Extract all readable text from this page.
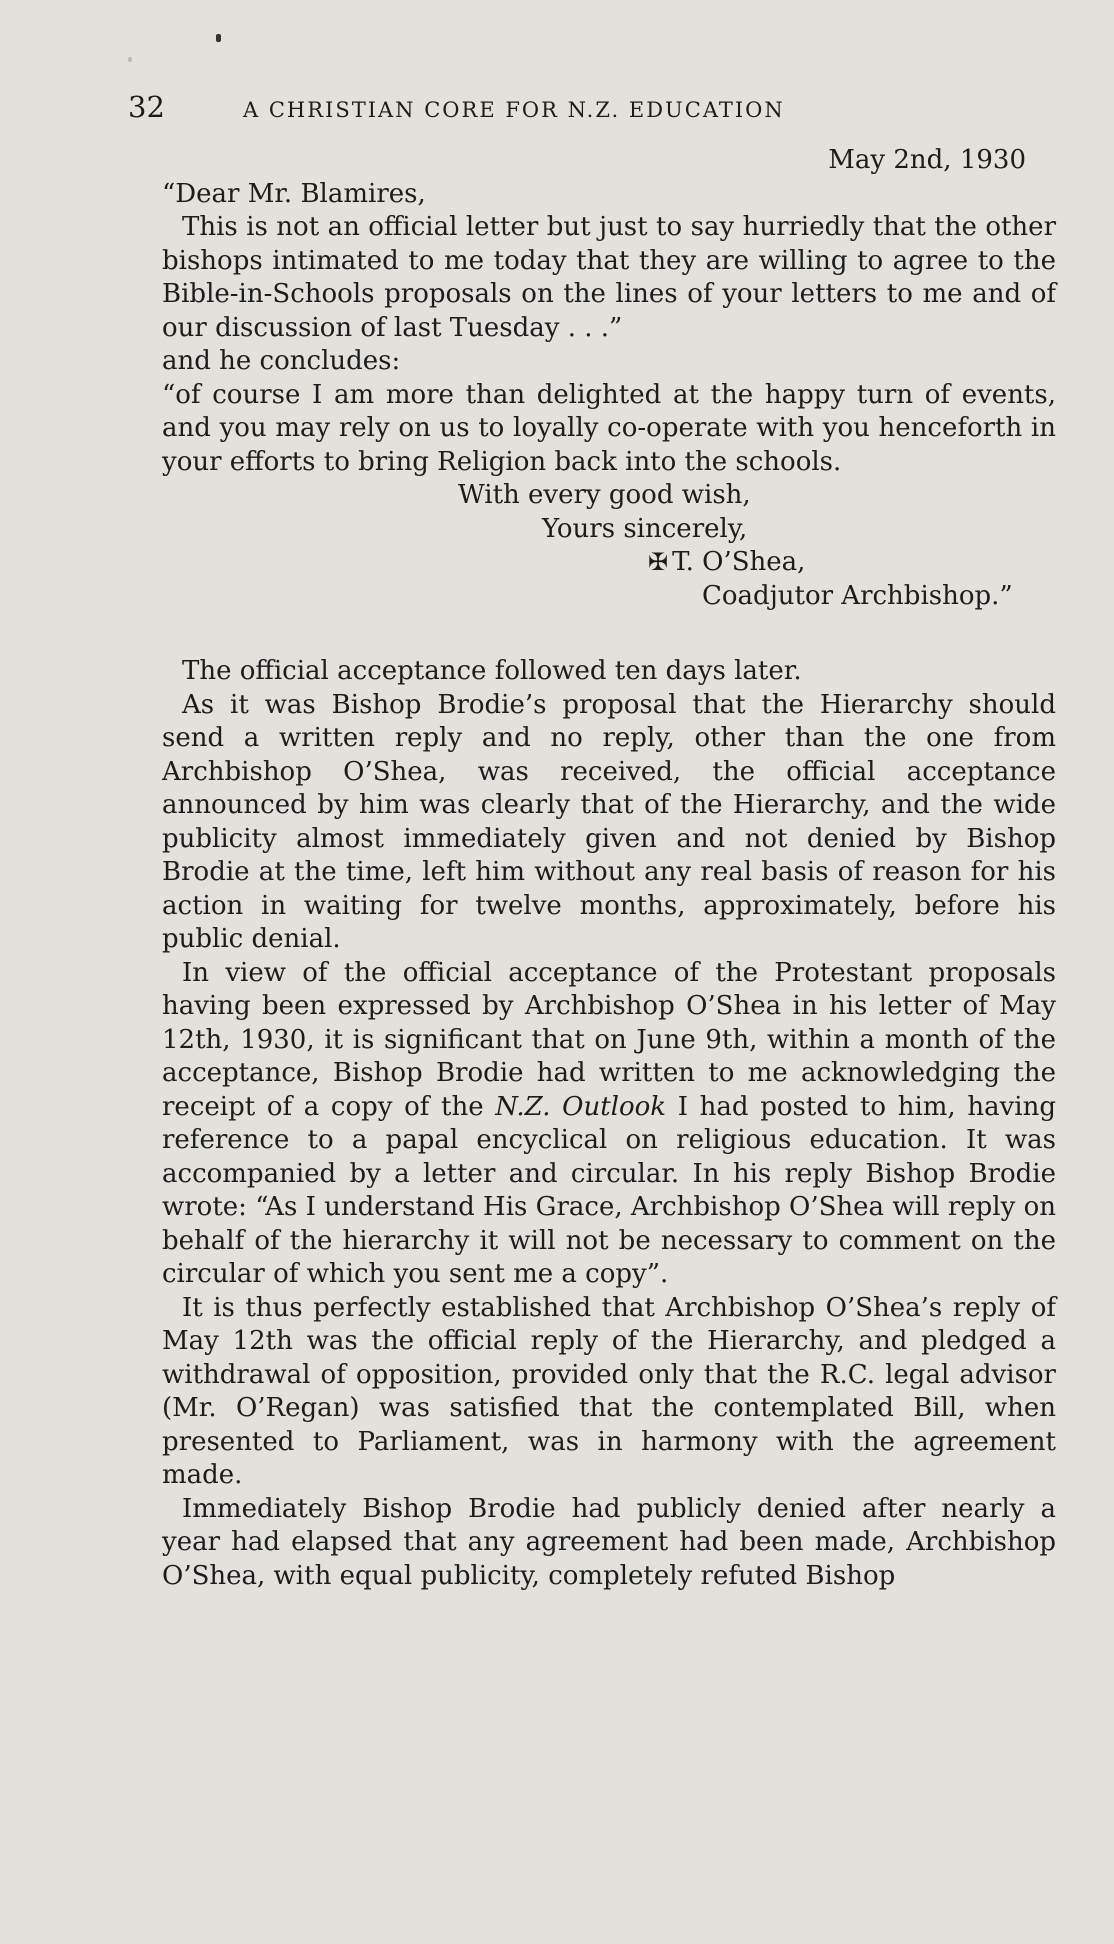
32	A CHRISTIAN CORE FOR N.Z. EDUCATION

May 2nd, 1930

“Dear Mr. Blamires,

This is not an official letter but just to say hurriedly that the other bishops intimated to me today that they are willing to agree to the Bible-in-Schools proposals on the lines of your letters to me and of our discussion of last Tuesday . . .”

and he concludes:

“of course I am more than delighted at the happy turn of events, and you may rely on us to loyally co-operate with you henceforth in your efforts to bring Religion back into the schools.

With every good wish,

Yours sincerely,

✠ T. O’Shea,

Coadjutor Archbishop.”

The official acceptance followed ten days later.

As it was Bishop Brodie’s proposal that the Hierarchy should send a written reply and no reply, other than the one from Archbishop O’Shea, was received, the official acceptance announced by him was clearly that of the Hierarchy, and the wide publicity almost immediately given and not denied by Bishop Brodie at the time, left him without any real basis of reason for his action in waiting for twelve months, approximately, before his public denial.

In view of the official acceptance of the Protestant proposals having been expressed by Archbishop O’Shea in his letter of May 12th, 1930, it is significant that on June 9th, within a month of the acceptance, Bishop Brodie had written to me acknowledging the receipt of a copy of the N.Z. Outlook I had posted to him, having reference to a papal encyclical on religious education. It was accompanied by a letter and circular. In his reply Bishop Brodie wrote: “As I understand His Grace, Archbishop O’Shea will reply on behalf of the hierarchy it will not be necessary to comment on the circular of which you sent me a copy”.

It is thus perfectly established that Archbishop O’Shea’s reply of May 12th was the official reply of the Hierarchy, and pledged a withdrawal of opposition, provided only that the R.C. legal advisor (Mr. O’Regan) was satisfied that the contemplated Bill, when presented to Parliament, was in harmony with the agreement made.

Immediately Bishop Brodie had publicly denied after nearly a year had elapsed that any agreement had been made, Archbishop O’Shea, with equal publicity, completely refuted Bishop
